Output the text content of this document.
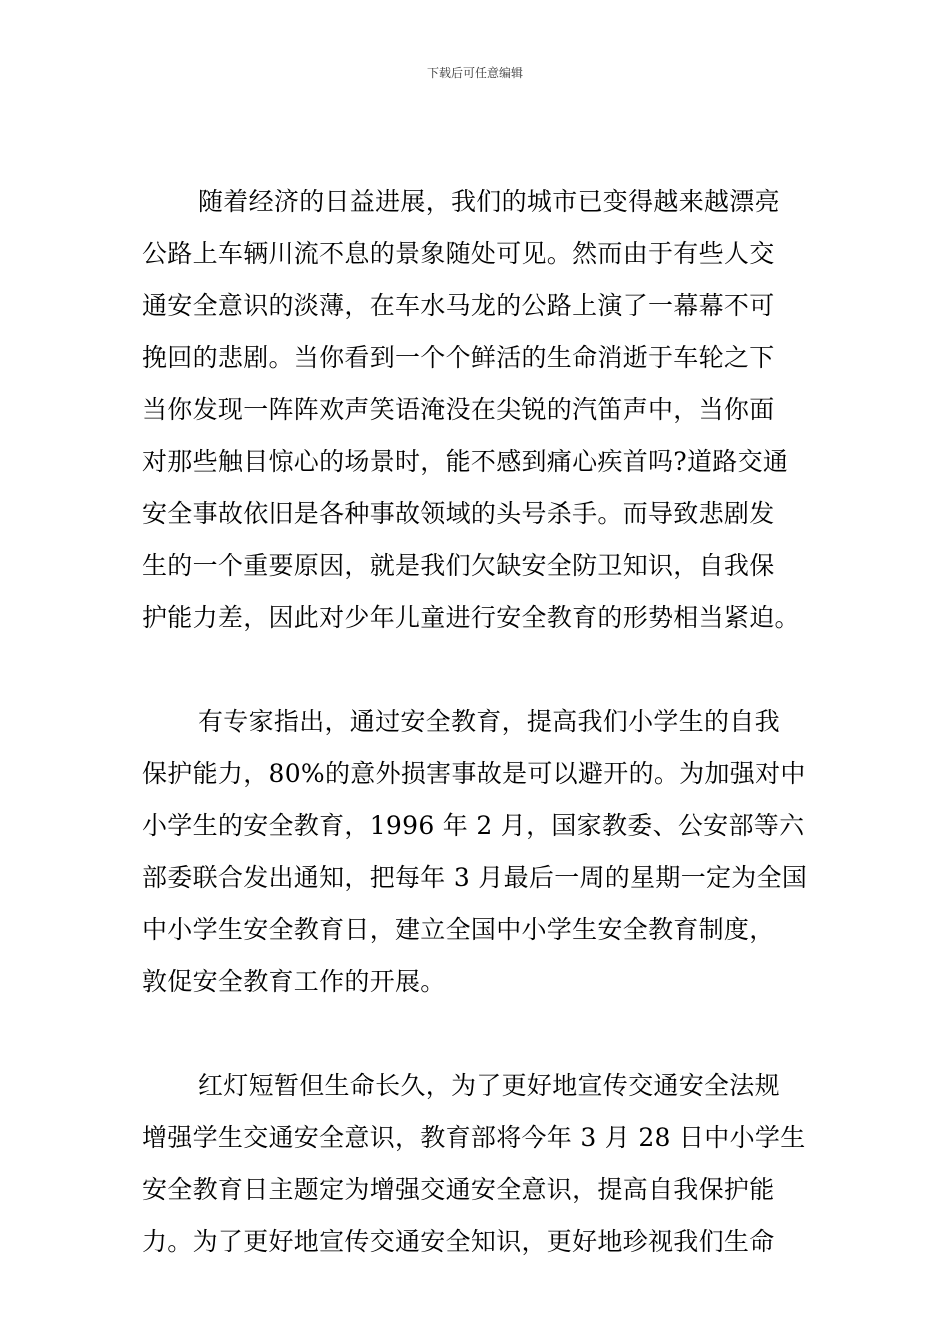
下载后可任意编辑
随着经济的日益进展，我们的城市已变得越来越漂亮
公路上车辆川流不息的景象随处可见。然而由于有些人交
通安全意识的淡薄，在车水马龙的公路上演了一幕幕不可
挽回的悲剧。当你看到一个个鲜活的生命消逝于车轮之下
当你发现一阵阵欢声笑语淹没在尖锐的汽笛声中，当你面
对那些触目惊心的场景时，能不感到痛心疾首吗?道路交通
安全事故依旧是各种事故领域的头号杀手。而导致悲剧发
生的一个重要原因，就是我们欠缺安全防卫知识，自我保
护能力差，因此对少年儿童进行安全教育的形势相当紧迫。
有专家指出，通过安全教育，提高我们小学生的自我
保护能力，80%的意外损害事故是可以避开的。为加强对中
小学生的安全教育，1996 年 2 月，国家教委、公安部等六
部委联合发出通知，把每年 3 月最后一周的星期一定为全国
中小学生安全教育日，建立全国中小学生安全教育制度，
敦促安全教育工作的开展。
红灯短暂但生命长久，为了更好地宣传交通安全法规
增强学生交通安全意识，教育部将今年 3 月 28 日中小学生
安全教育日主题定为增强交通安全意识，提高自我保护能
力。为了更好地宣传交通安全知识，更好地珍视我们生命
